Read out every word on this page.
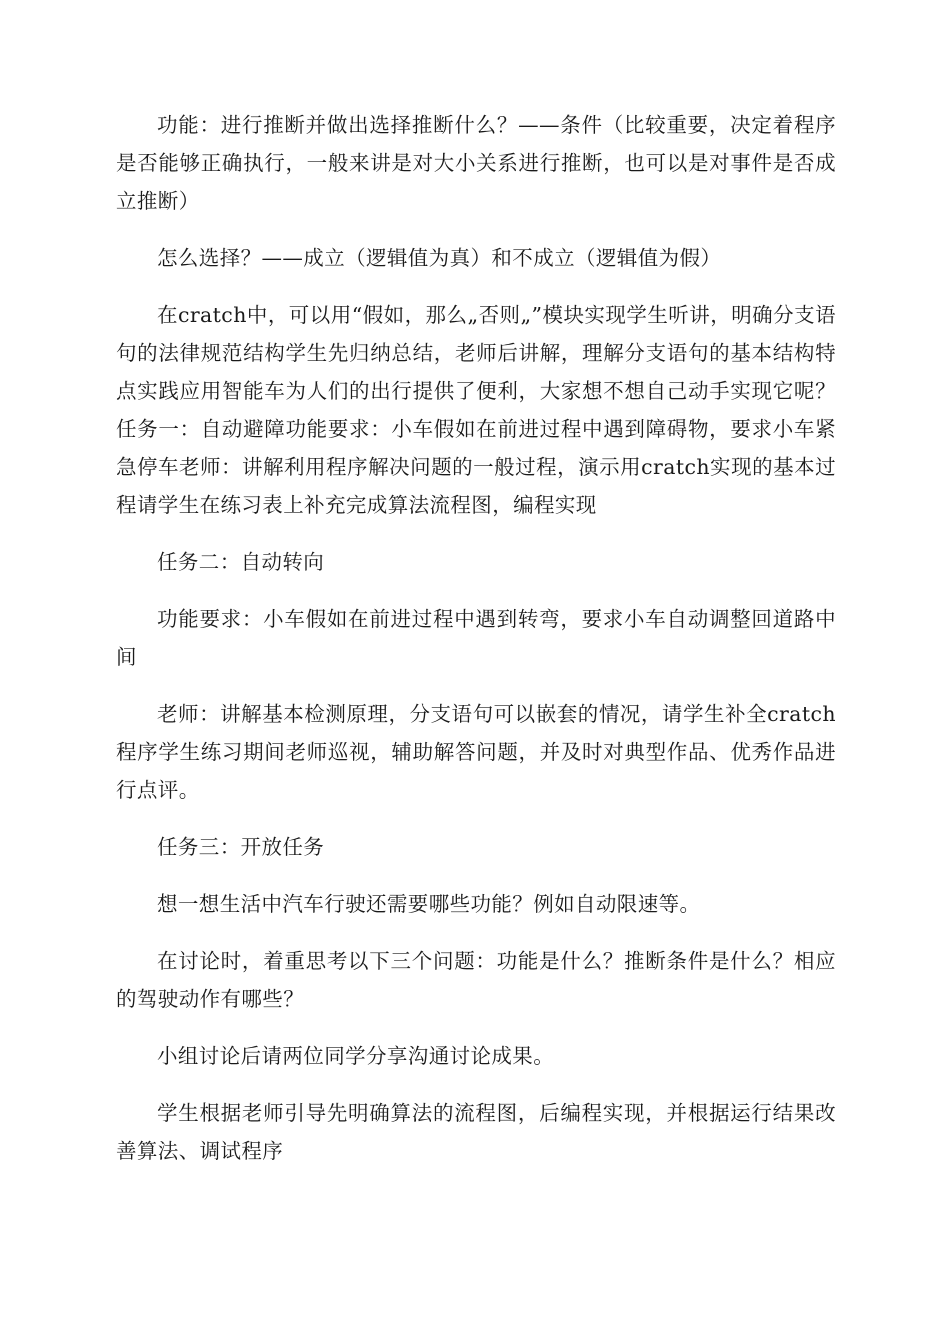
功能：进行推断并做出选择推断什么？——条件（比较重要，决定着程序是否能够正确执行，一般来讲是对大小关系进行推断，也可以是对事件是否成立推断）

怎么选择？——成立（逻辑值为真）和不成立（逻辑值为假）

在cratch中，可以用“假如，那么„否则„”模块实现学生听讲，明确分支语句的法律规范结构学生先归纳总结，老师后讲解，理解分支语句的基本结构特点实践应用智能车为人们的出行提供了便利，大家想不想自己动手实现它呢？任务一：自动避障功能要求：小车假如在前进过程中遇到障碍物，要求小车紧急停车老师：讲解利用程序解决问题的一般过程，演示用cratch实现的基本过程请学生在练习表上补充完成算法流程图，编程实现

任务二：自动转向

功能要求：小车假如在前进过程中遇到转弯，要求小车自动调整回道路中间

老师：讲解基本检测原理，分支语句可以嵌套的情况，请学生补全cratch程序学生练习期间老师巡视，辅助解答问题，并及时对典型作品、优秀作品进行点评。

任务三：开放任务

想一想生活中汽车行驶还需要哪些功能？例如自动限速等。

在讨论时，着重思考以下三个问题：功能是什么？推断条件是什么？相应的驾驶动作有哪些？

小组讨论后请两位同学分享沟通讨论成果。

学生根据老师引导先明确算法的流程图，后编程实现，并根据运行结果改善算法、调试程序
